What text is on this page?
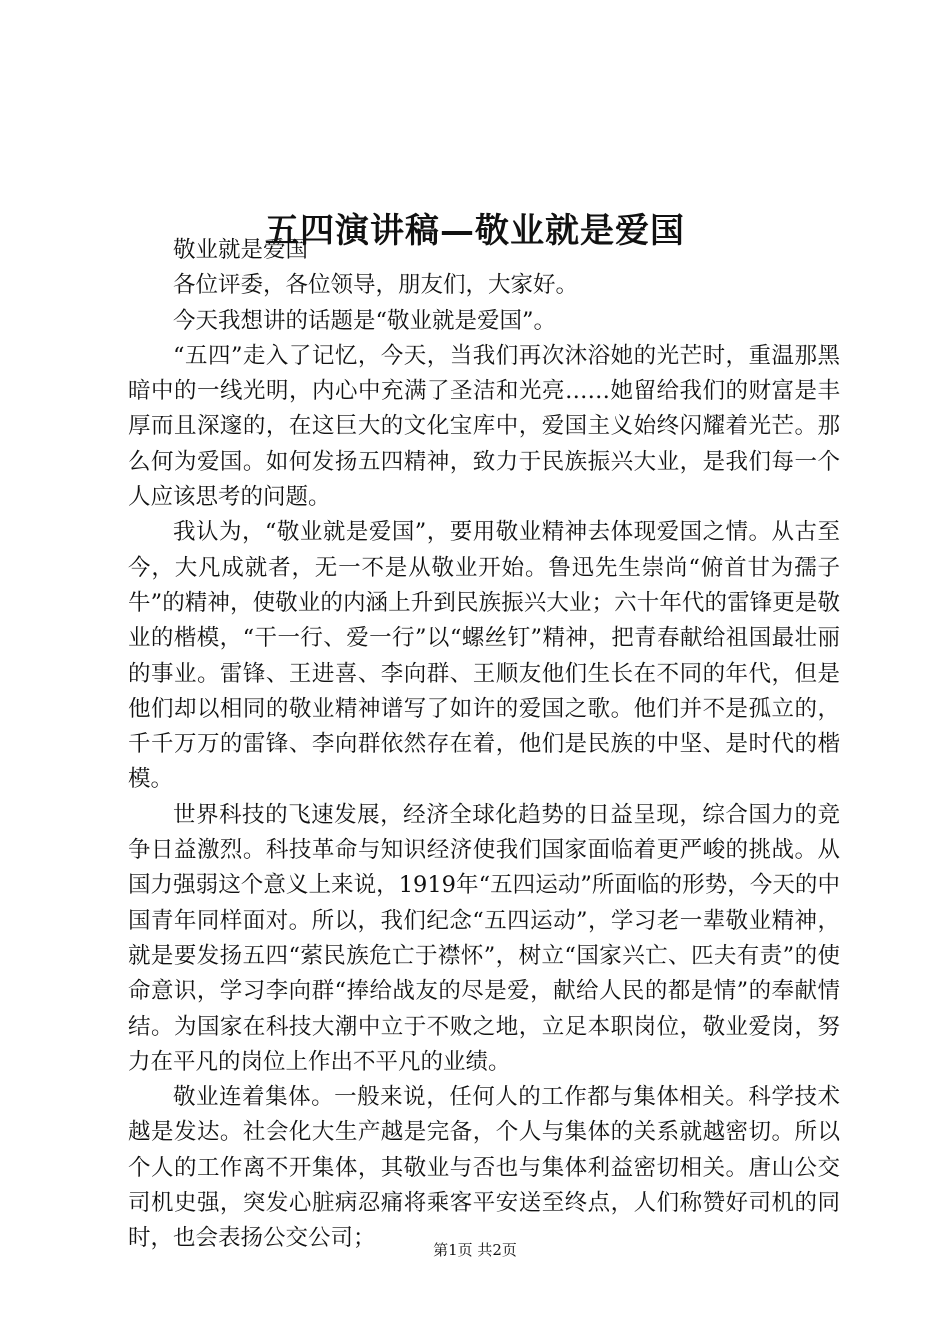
五四演讲稿—敬业就是爱国

敬业就是爱国

各位评委，各位领导，朋友们，大家好。

今天我想讲的话题是“敬业就是爱国”。

“五四”走入了记忆，今天，当我们再次沐浴她的光芒时，重温那黑暗中的一线光明，内心中充满了圣洁和光亮……她留给我们的财富是丰厚而且深邃的，在这巨大的文化宝库中，爱国主义始终闪耀着光芒。那么何为爱国。如何发扬五四精神，致力于民族振兴大业，是我们每一个人应该思考的问题。

我认为，“敬业就是爱国”，要用敬业精神去体现爱国之情。从古至今，大凡成就者，无一不是从敬业开始。鲁迅先生崇尚“俯首甘为孺子牛”的精神，使敬业的内涵上升到民族振兴大业；六十年代的雷锋更是敬业的楷模，“干一行、爱一行”以“螺丝钉”精神，把青春献给祖国最壮丽的事业。雷锋、王进喜、李向群、王顺友他们生长在不同的年代，但是他们却以相同的敬业精神谱写了如许的爱国之歌。他们并不是孤立的，千千万万的雷锋、李向群依然存在着，他们是民族的中坚、是时代的楷模。

世界科技的飞速发展，经济全球化趋势的日益呈现，综合国力的竞争日益激烈。科技革命与知识经济使我们国家面临着更严峻的挑战。从国力强弱这个意义上来说，1919年“五四运动”所面临的形势，今天的中国青年同样面对。所以，我们纪念“五四运动”，学习老一辈敬业精神，就是要发扬五四“萦民族危亡于襟怀”，树立“国家兴亡、匹夫有责”的使命意识，学习李向群“捧给战友的尽是爱，献给人民的都是情”的奉献情结。为国家在科技大潮中立于不败之地，立足本职岗位，敬业爱岗，努力在平凡的岗位上作出不平凡的业绩。

敬业连着集体。一般来说，任何人的工作都与集体相关。科学技术越是发达。社会化大生产越是完备，个人与集体的关系就越密切。所以个人的工作离不开集体，其敬业与否也与集体利益密切相关。唐山公交司机史强，突发心脏病忍痛将乘客平安送至终点，人们称赞好司机的同时，也会表扬公交公司；	第1页 共2页
